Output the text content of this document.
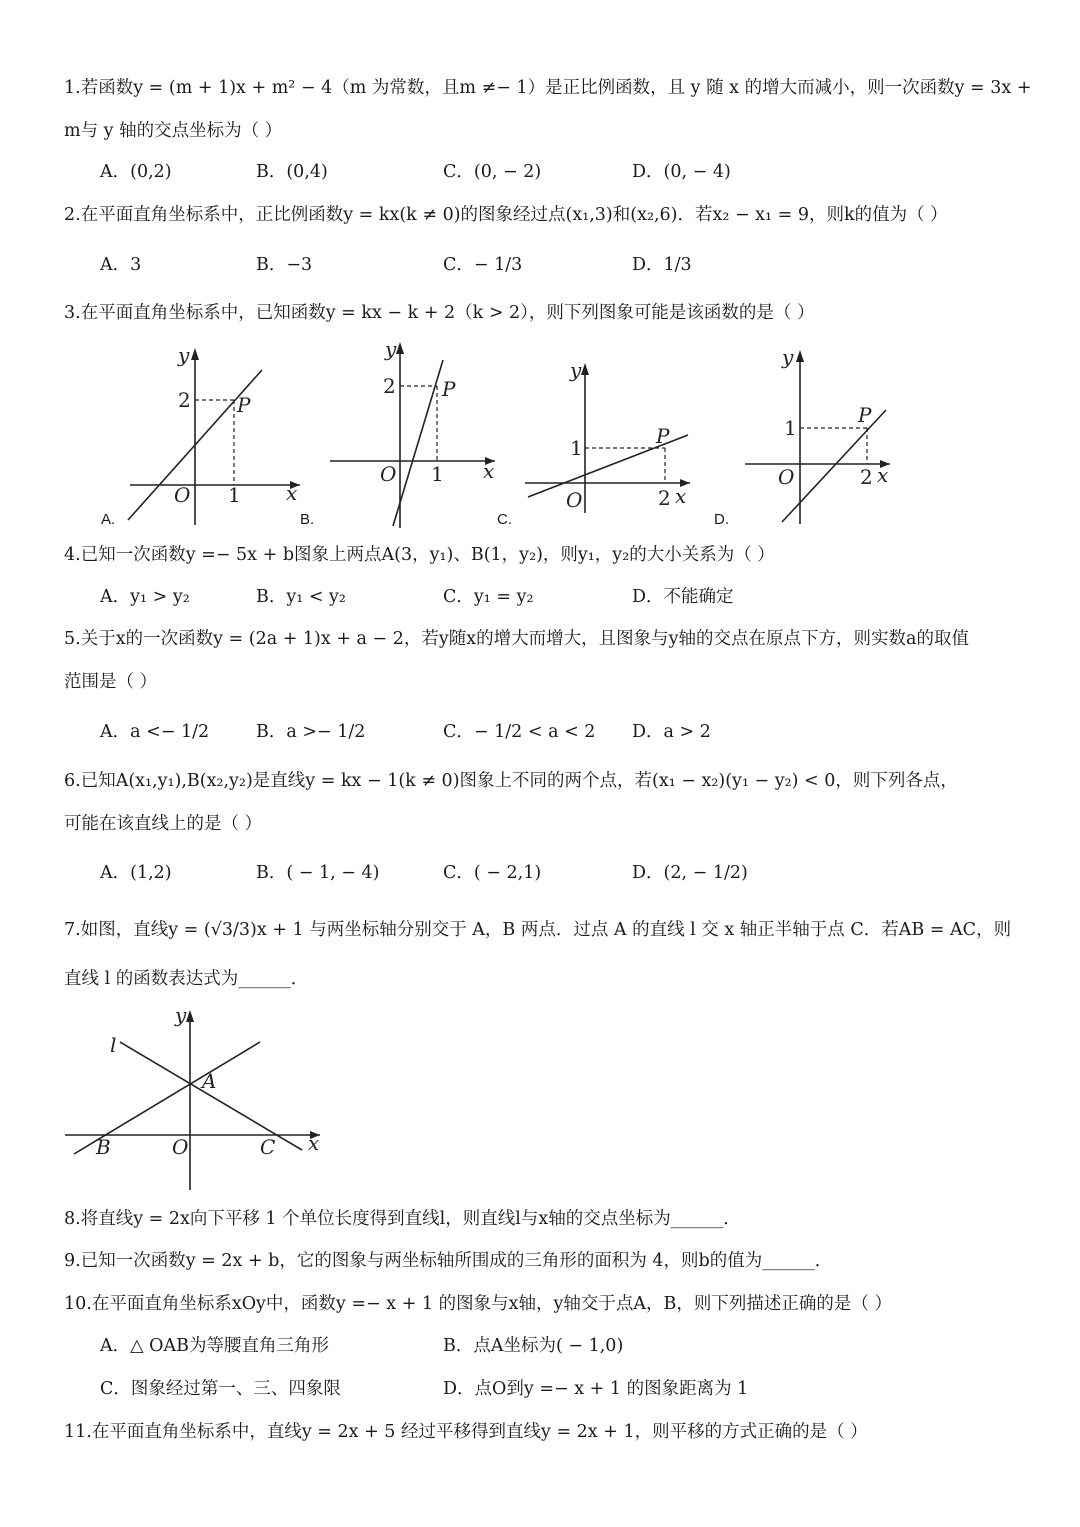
1.若函数y = (m + 1)x + m² − 4（m 为常数，且m ≠− 1）是正比例函数，且 y 随 x 的增大而减小，则一次函数y = 3x +
m与 y 轴的交点坐标为（ ）
A．(0,2)	B．(0,4)	C．(0, − 2)	D．(0, − 4)
2.在平面直角坐标系中，正比例函数y = kx(k ≠ 0)的图象经过点(x₁,3)和(x₂,6)．若x₂ − x₁ = 9，则k的值为（ ）
A．3	B．−3	C．− 1/3	D．1/3
3.在平面直角坐标系中，已知函数y = kx − k + 2（k > 2），则下列图象可能是该函数的是（ ）
y
x
O
P
2
1
A.
y
x
O
P
2
1
B.
y
x
O
P
1
2
C.
y
x
O
P
1
2
D.
4.已知一次函数y =− 5x + b图象上两点A(3，y₁)、B(1，y₂)，则y₁，y₂的大小关系为（ ）
A．y₁ > y₂	B．y₁ < y₂	C．y₁ = y₂	D．不能确定
5.关于x的一次函数y = (2a + 1)x + a − 2，若y随x的增大而增大，且图象与y轴的交点在原点下方，则实数a的取值
范围是（ ）
A．a <− 1/2	B．a >− 1/2	C．− 1/2 < a < 2 D．a > 2
6.已知A(x₁,y₁),B(x₂,y₂)是直线y = kx − 1(k ≠ 0)图象上不同的两个点，若(x₁ − x₂)(y₁ − y₂) < 0，则下列各点，
可能在该直线上的是（ ）
A．(1,2)	B．( − 1, − 4)	C．( − 2,1)	D．(2, − 1/2)
7.如图，直线y = (√3/3)x + 1 与两坐标轴分别交于 A，B 两点．过点 A 的直线 l 交 x 轴正半轴于点 C．若AB = AC，则
直线 l 的函数表达式为______．
y
x
l
A
B	O	C
8.将直线y = 2x向下平移 1 个单位长度得到直线l，则直线l与x轴的交点坐标为______．
9.已知一次函数y = 2x + b，它的图象与两坐标轴所围成的三角形的面积为 4，则b的值为______．
10.在平面直角坐标系xOy中，函数y =− x + 1 的图象与x轴，y轴交于点A，B，则下列描述正确的是（ ）
A．△ OAB为等腰直角三角形	B．点A坐标为( − 1,0)
C．图象经过第一、三、四象限	D．点O到y =− x + 1 的图象距离为 1
11.在平面直角坐标系中，直线y = 2x + 5 经过平移得到直线y = 2x + 1，则平移的方式正确的是（ ）
